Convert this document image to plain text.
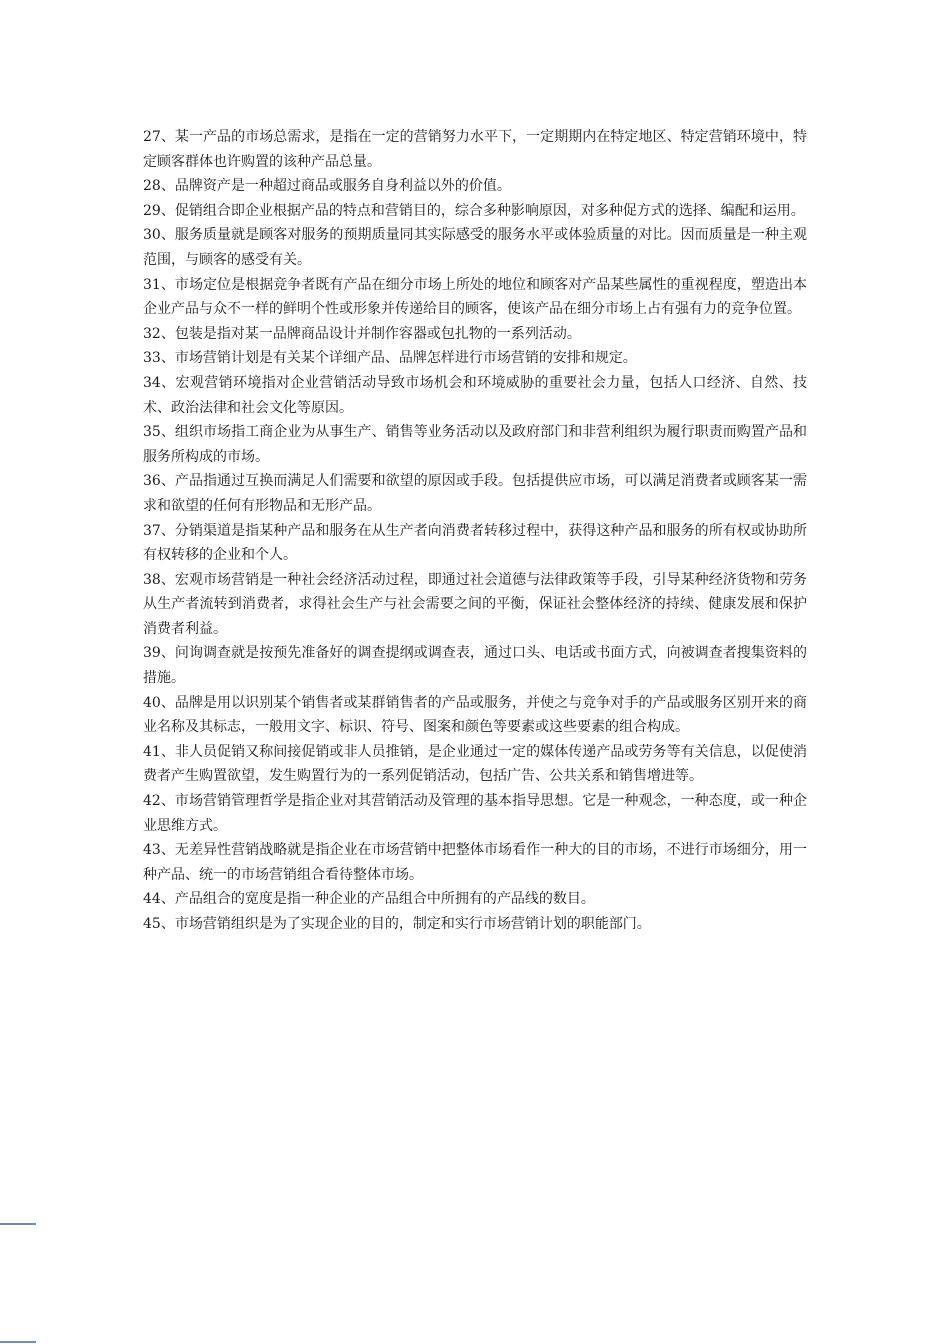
27、某一产品的市场总需求，是指在一定的营销努力水平下，一定期期内在特定地区、特定营销环境中，特定顾客群体也许购置的该种产品总量。

28、品牌资产是一种超过商品或服务自身利益以外的价值。

29、促销组合即企业根据产品的特点和营销目的，综合多种影响原因，对多种促方式的选择、编配和运用。

30、服务质量就是顾客对服务的预期质量同其实际感受的服务水平或体验质量的对比。因而质量是一种主观范围，与顾客的感受有关。

31、市场定位是根据竞争者既有产品在细分市场上所处的地位和顾客对产品某些属性的重视程度，塑造出本企业产品与众不一样的鲜明个性或形象并传递给目的顾客，使该产品在细分市场上占有强有力的竞争位置。

32、包装是指对某一品牌商品设计并制作容器或包扎物的一系列活动。

33、市场营销计划是有关某个详细产品、品牌怎样进行市场营销的安排和规定。

34、宏观营销环境指对企业营销活动导致市场机会和环境威胁的重要社会力量，包括人口经济、自然、技术、政治法律和社会文化等原因。

35、组织市场指工商企业为从事生产、销售等业务活动以及政府部门和非营利组织为履行职责而购置产品和服务所构成的市场。

36、产品指通过互换而满足人们需要和欲望的原因或手段。包括提供应市场，可以满足消费者或顾客某一需求和欲望的任何有形物品和无形产品。

37、分销渠道是指某种产品和服务在从生产者向消费者转移过程中，获得这种产品和服务的所有权或协助所有权转移的企业和个人。

38、宏观市场营销是一种社会经济活动过程，即通过社会道德与法律政策等手段，引导某种经济货物和劳务从生产者流转到消费者，求得社会生产与社会需要之间的平衡，保证社会整体经济的持续、健康发展和保护消费者利益。

39、问询调查就是按预先准备好的调查提纲或调查表，通过口头、电话或书面方式，向被调查者搜集资料的措施。

40、品牌是用以识别某个销售者或某群销售者的产品或服务，并使之与竞争对手的产品或服务区别开来的商业名称及其标志，一般用文字、标识、符号、图案和颜色等要素或这些要素的组合构成。

41、非人员促销又称间接促销或非人员推销，是企业通过一定的媒体传递产品或劳务等有关信息，以促使消费者产生购置欲望，发生购置行为的一系列促销活动，包括广告、公共关系和销售增进等。

42、市场营销管理哲学是指企业对其营销活动及管理的基本指导思想。它是一种观念，一种态度，或一种企业思维方式。

43、无差异性营销战略就是指企业在市场营销中把整体市场看作一种大的目的市场，不进行市场细分，用一种产品、统一的市场营销组合看待整体市场。

44、产品组合的宽度是指一种企业的产品组合中所拥有的产品线的数目。

45、市场营销组织是为了实现企业的目的，制定和实行市场营销计划的职能部门。
